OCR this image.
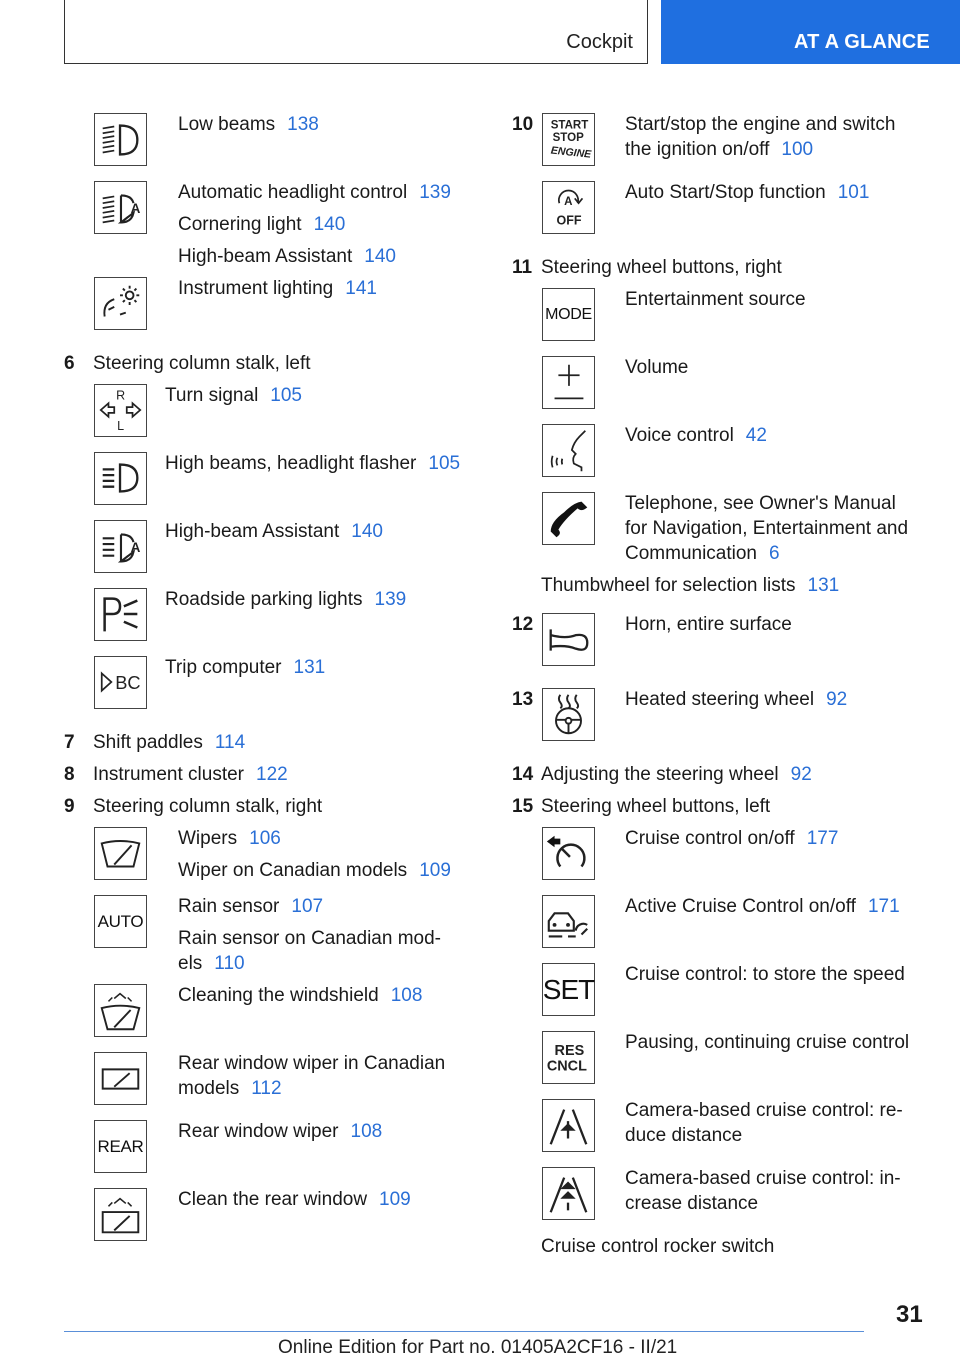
Cockpit	AT A GLANCE
Low beams 138
A
Automatic headlight control 139
Cornering light 140
High-beam Assistant 140
Instrument lighting 141
6 Steering column stalk, left
R
L
Turn signal 105
High beams, headlight flasher 105
A
High-beam Assistant 140
Roadside parking lights 139
BC
Trip computer 131
7 Shift paddles 114
8 Instrument cluster 122
9 Steering column stalk, right
Wipers 106
Wiper on Canadian models 109
AUTO
Rain sensor 107
Rain sensor on Canadian mod-
els 110
Cleaning the windshield 108
Rear window wiper in Canadian
models 112
REAR
Rear window wiper 108
Clean the rear window 109
10 START
STOP
ENGINE
Start/stop the engine and switch
the ignition on/off 100
A
OFF
Auto Start/Stop function 101
11 Steering wheel buttons, right
MODE
Entertainment source
Volume
Voice control 42
Telephone, see Owner's Manual
for Navigation, Entertainment and
Communication 6
Thumbwheel for selection lists 131
12	Horn, entire surface
13	Heated steering wheel 92
14 Adjusting the steering wheel 92
15 Steering wheel buttons, left
Cruise control on/off 177
Active Cruise Control on/off 171
SET Cruise control: to store the speed
RES
CNCL
Pausing, continuing cruise control
Camera-based cruise control: re-
duce distance
Camera-based cruise control: in-
crease distance
Cruise control rocker switch
31
Online Edition for Part no. 01405A2CF16 - II/21
